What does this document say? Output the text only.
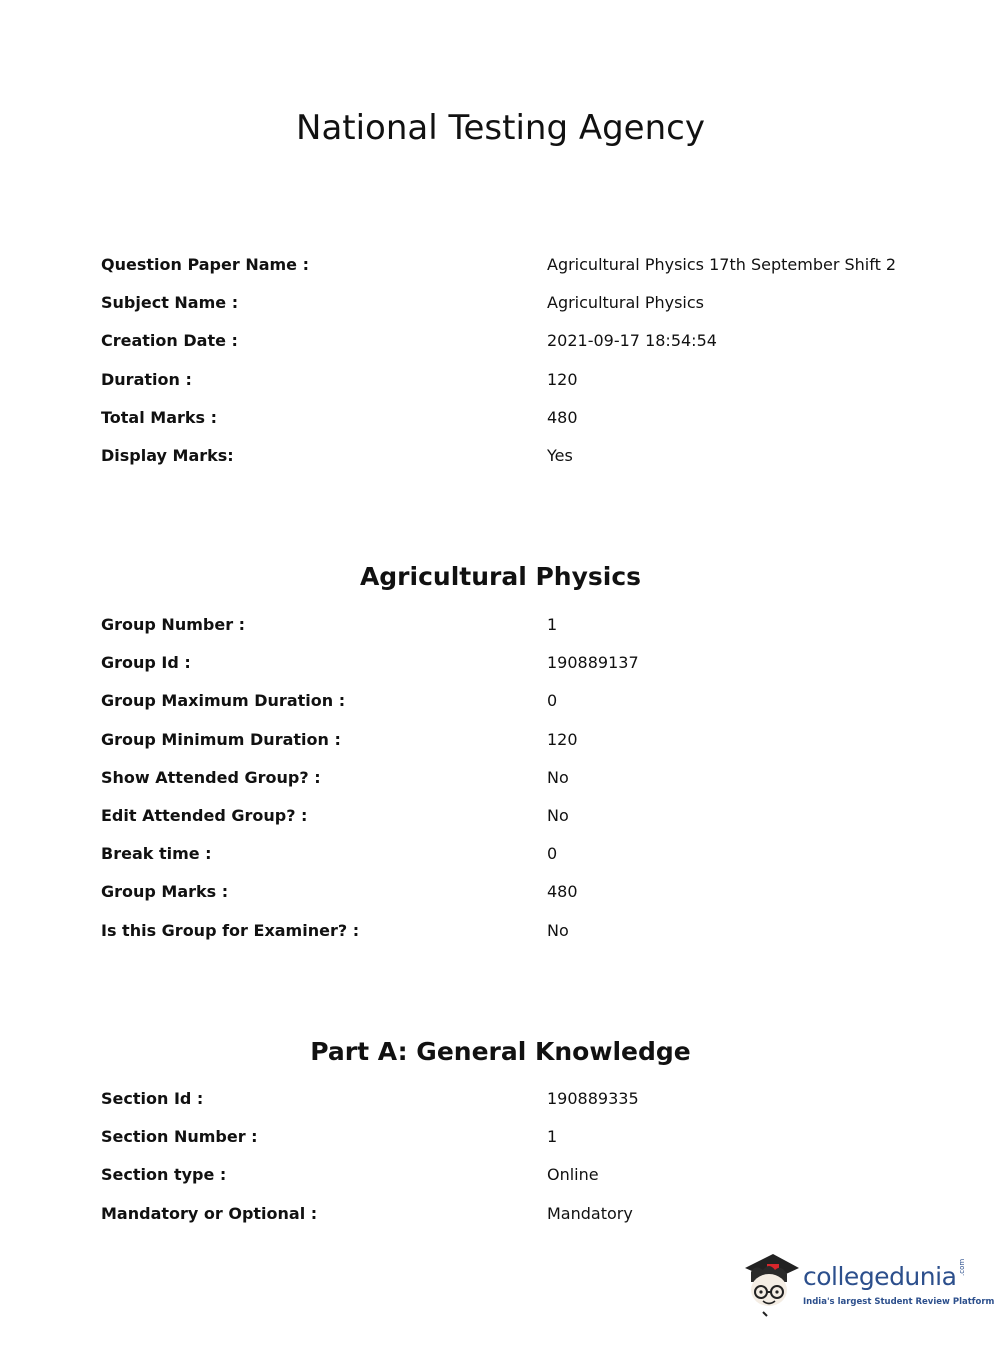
National Testing Agency
Question Paper Name :	Agricultural Physics 17th September Shift 2
Subject Name :	Agricultural Physics
Creation Date :	2021-09-17 18:54:54
Duration :	120
Total Marks :	480
Display Marks:	Yes
Agricultural Physics
Group Number :	1
Group Id :	190889137
Group Maximum Duration :	0
Group Minimum Duration :	120
Show Attended Group? :	No
Edit Attended Group? :	No
Break time :	0
Group Marks :	480
Is this Group for Examiner? :	No
Part A: General Knowledge
Section Id :	190889335
Section Number :	1
Section type :	Online
Mandatory or Optional :	Mandatory
collegedunia .com
India's largest Student Review Platform
